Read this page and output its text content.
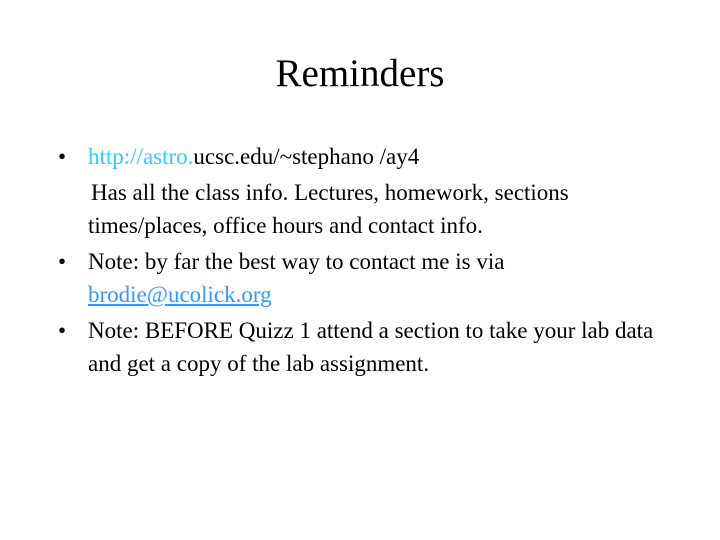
Reminders
• http://astro.ucsc.edu/~stephano /ay4
Has all the class info. Lectures, homework, sections times/places, office hours and contact info.
• Note: by far the best way to contact me is via
brodie@ucolick.org
• Note: BEFORE Quizz 1 attend a section to take your lab data and get a copy of the lab assignment.
